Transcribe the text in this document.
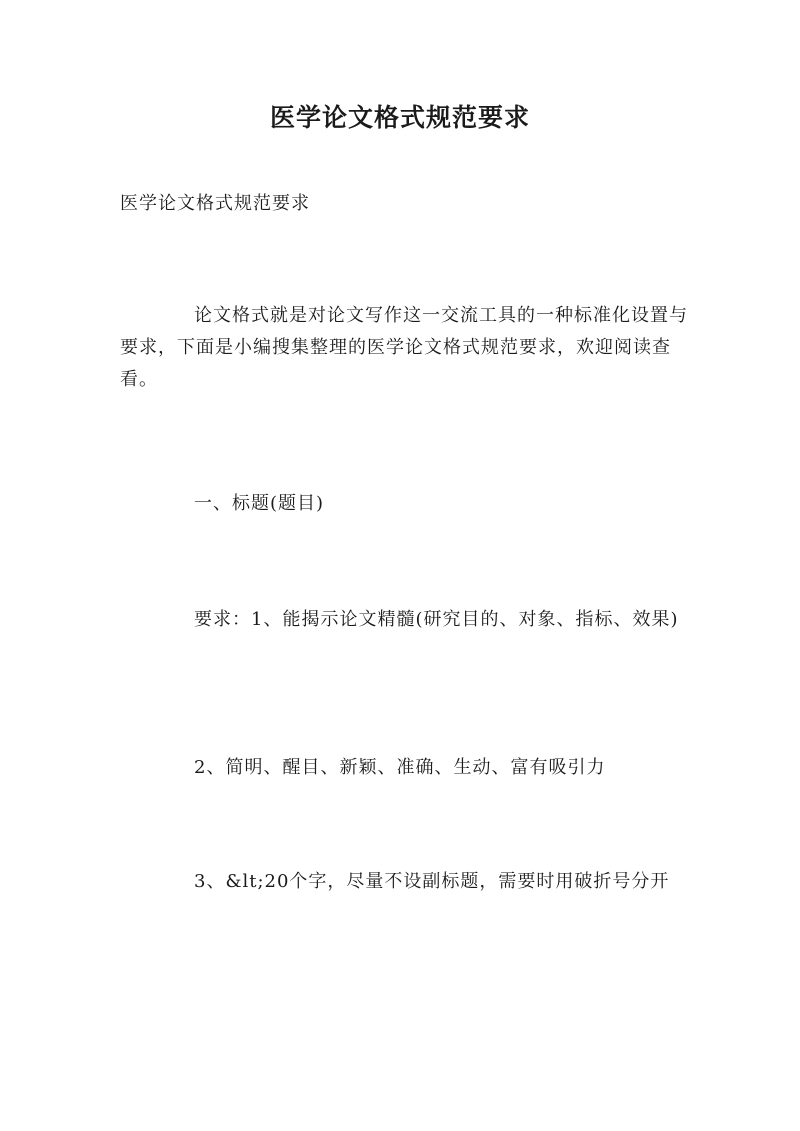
医学论文格式规范要求

医学论文格式规范要求

论文格式就是对论文写作这一交流工具的一种标准化设置与要求，下面是小编搜集整理的医学论文格式规范要求，欢迎阅读查看。

一、标题(题目)

要求：1、能揭示论文精髓(研究目的、对象、指标、效果)

2、简明、醒目、新颖、准确、生动、富有吸引力

3、&lt;20个字，尽量不设副标题，需要时用破折号分开
